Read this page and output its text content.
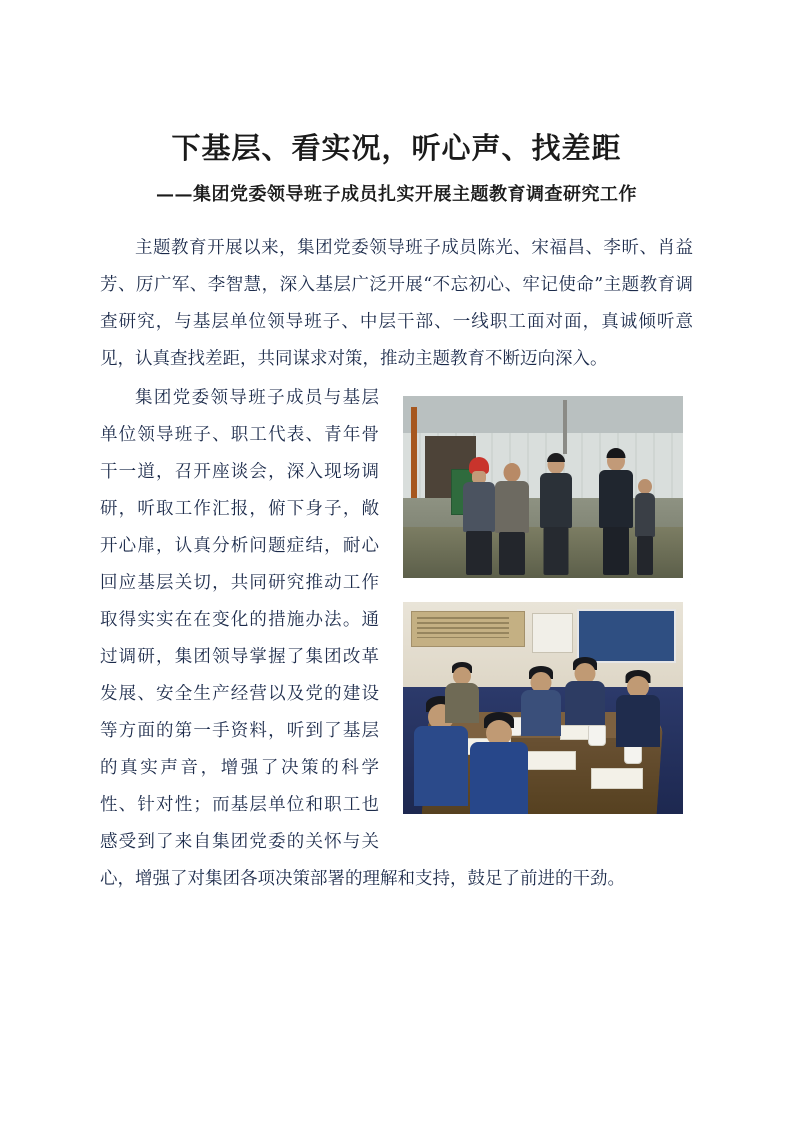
下基层、看实况，听心声、找差距
——集团党委领导班子成员扎实开展主题教育调查研究工作

主题教育开展以来，集团党委领导班子成员陈光、宋福昌、李昕、肖益芳、厉广军、李智慧，深入基层广泛开展“不忘初心、牢记使命”主题教育调查研究，与基层单位领导班子、中层干部、一线职工面对面，真诚倾听意见，认真查找差距，共同谋求对策，推动主题教育不断迈向深入。

集团党委领导班子成员与基层单位领导班子、职工代表、青年骨干一道，召开座谈会，深入现场调研，听取工作汇报，俯下身子，敞开心扉，认真分析问题症结，耐心回应基层关切，共同研究推动工作取得实实在在变化的措施办法。通过调研，集团领导掌握了集团改革发展、安全生产经营以及党的建设等方面的第一手资料，听到了基层的真实声音，增强了决策的科学性、针对性；而基层单位和职工也感受到了来自集团党委的关怀与关心，增强了对集团各项决策部署的理解和支持，鼓足了前进的干劲。
